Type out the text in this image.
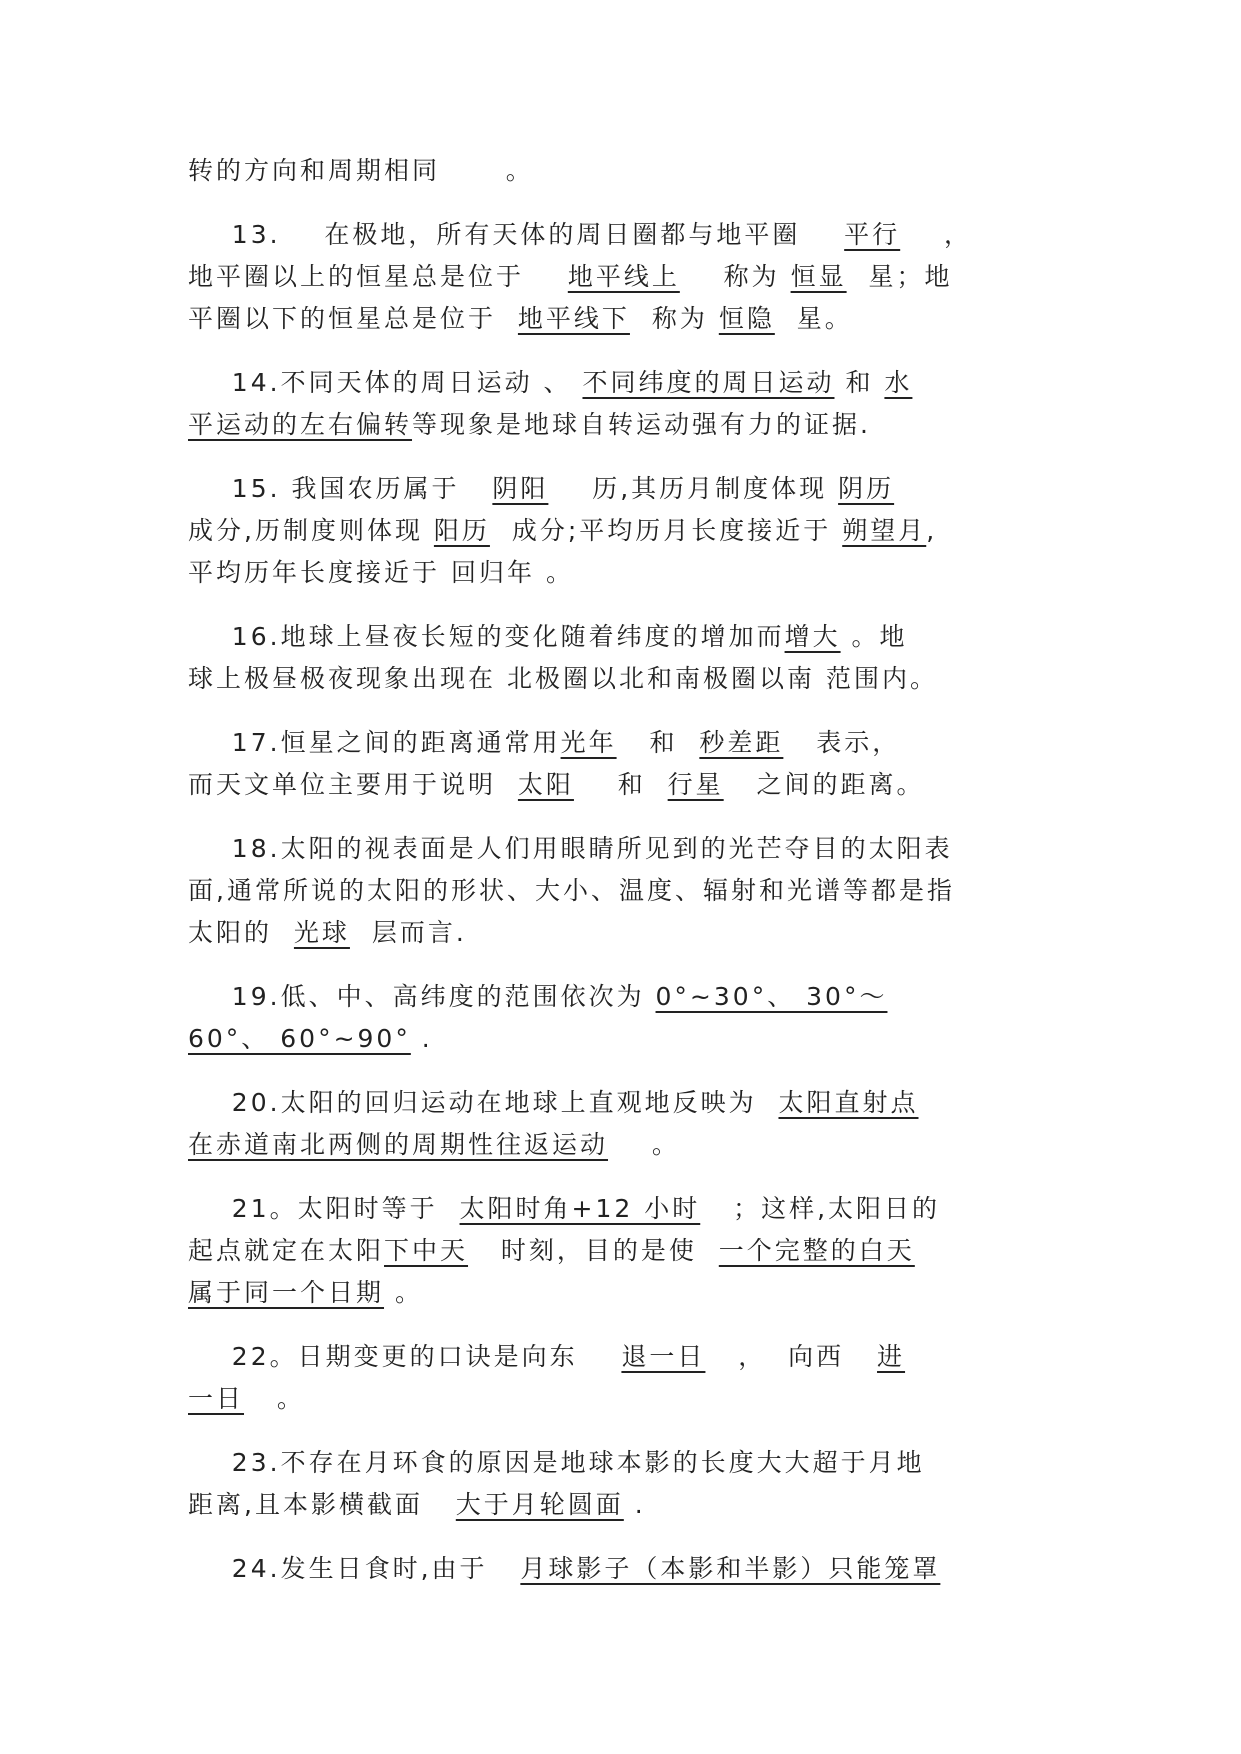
转的方向和周期相同	。
13. 在极地，所有天体的周日圈都与地平圈 平行 ，
地平圈以上的恒星总是位于 地平线上 称为 恒显 星；地
平圈以下的恒星总是位于 地平线下 称为 恒隐 星。
14.不同天体的周日运动 、 不同纬度的周日运动 和 水
平运动的左右偏转等现象是地球自转运动强有力的证据.
15. 我国农历属于 阴阳 历,其历月制度体现 阴历
成分,历制度则体现 阳历 成分;平均历月长度接近于 朔望月,
平均历年长度接近于 回归年 。
16.地球上昼夜长短的变化随着纬度的增加而增大 。地
球上极昼极夜现象出现在 北极圈以北和南极圈以南 范围内。
17.恒星之间的距离通常用光年 和 秒差距 表示，
而天文单位主要用于说明 太阳 和 行星 之间的距离。
18.太阳的视表面是人们用眼睛所见到的光芒夺目的太阳表
面,通常所说的太阳的形状、大小、温度、辐射和光谱等都是指
太阳的 光球 层而言.
19.低、中、高纬度的范围依次为 0°~30°、 30°～
60°、 60°~90° .
20.太阳的回归运动在地球上直观地反映为 太阳直射点
在赤道南北两侧的周期性往返运动 。
21。太阳时等于 太阳时角+12 小时 ；这样,太阳日的
起点就定在太阳下中天 时刻，目的是使 一个完整的白天
属于同一个日期 。
22。日期变更的口诀是向东 退一日 ，  向西 进
一日 。
23.不存在月环食的原因是地球本影的长度大大超于月地
距离,且本影横截面 大于月轮圆面 .
24.发生日食时,由于 月球影子（本影和半影）只能笼罩
